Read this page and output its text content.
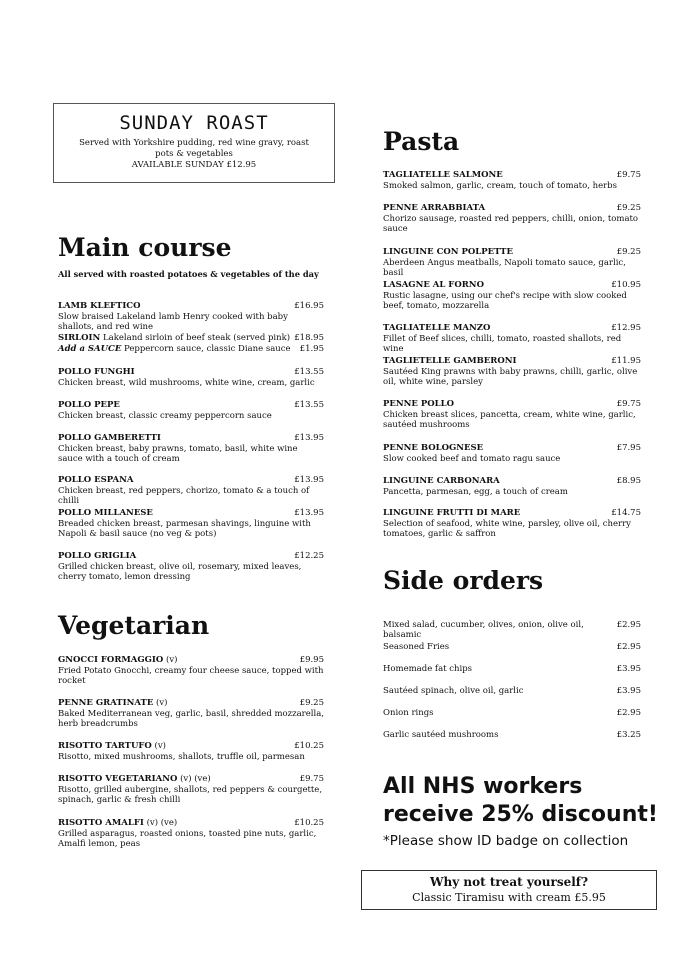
SUNDAY ROAST
Served with Yorkshire pudding, red wine gravy, roast pots & vegetables
AVAILABLE SUNDAY £12.95
Main course
All served with roasted potatoes & vegetables of the day
LAMB KLEFTICO	£16.95
Slow braised Lakeland lamb Henry cooked with baby shallots, and red wine
SIRLOIN Lakeland sirloin of beef steak (served pink) £18.95
Add a SAUCE Peppercorn sauce, classic Diane sauce £1.95
POLLO FUNGHI	£13.55
Chicken breast, wild mushrooms, white wine, cream, garlic
POLLO PEPE	£13.55
Chicken breast, classic creamy peppercorn sauce
POLLO GAMBERETTI	£13.95
Chicken breast, baby prawns, tomato, basil, white wine sauce with a touch of cream
POLLO ESPANA	£13.95
Chicken breast, red peppers, chorizo, tomato & a touch of chilli
POLLO MILLANESE	£13.95
Breaded chicken breast, parmesan shavings, linguine with Napoli & basil sauce (no veg & pots)
POLLO GRIGLIA	£12.25
Grilled chicken breast, olive oil, rosemary, mixed leaves, cherry tomato, lemon dressing
Vegetarian
GNOCCI FORMAGGIO (v)	£9.95
Fried Potato Gnocchi, creamy four cheese sauce, topped with rocket
PENNE GRATINATE (v)	£9.25
Baked Mediterranean veg, garlic, basil, shredded mozzarella, herb breadcrumbs
RISOTTO TARTUFO (v)	£10.25
Risotto, mixed mushrooms, shallots, truffle oil, parmesan
RISOTTO VEGETARIANO (v) (ve)	£9.75
Risotto, grilled aubergine, shallots, red peppers & courgette, spinach, garlic & fresh chilli
RISOTTO AMALFI (v) (ve)	£10.25
Grilled asparagus, roasted onions, toasted pine nuts, garlic, Amalfi lemon, peas
Pasta
TAGLIATELLE SALMONE	£9.75
Smoked salmon, garlic, cream, touch of tomato, herbs
PENNE ARRABBIATA	£9.25
Chorizo sausage, roasted red peppers, chilli, onion, tomato sauce
LINGUINE CON POLPETTE	£9.25
Aberdeen Angus meatballs, Napoli tomato sauce, garlic, basil
LASAGNE AL FORNO	£10.95
Rustic lasagne, using our chef's recipe with slow cooked beef, tomato, mozzarella
TAGLIATELLE MANZO	£12.95
Fillet of Beef slices, chilli, tomato, roasted shallots, red wine
TAGLIETELLE GAMBERONI	£11.95
Sautéed King prawns with baby prawns, chilli, garlic, olive oil, white wine, parsley
PENNE POLLO	£9.75
Chicken breast slices, pancetta, cream, white wine, garlic, sautéed mushrooms
PENNE BOLOGNESE	£7.95
Slow cooked beef and tomato ragu sauce
LINGUINE CARBONARA	£8.95
Pancetta, parmesan, egg, a touch of cream
LINGUINE FRUTTI DI MARE	£14.75
Selection of seafood, white wine, parsley, olive oil, cherry tomatoes, garlic & saffron
Side orders
Mixed salad, cucumber, olives, onion, olive oil, balsamic
£2.95
Seasoned Fries	£2.95
Homemade fat chips	£3.95
Sautéed spinach, olive oil, garlic	£3.95
Onion rings	£2.95
Garlic sautéed mushrooms	£3.25
All NHS workers
receive 25% discount!
*Please show ID badge on collection
Why not treat yourself?
Classic Tiramisu with cream £5.95
